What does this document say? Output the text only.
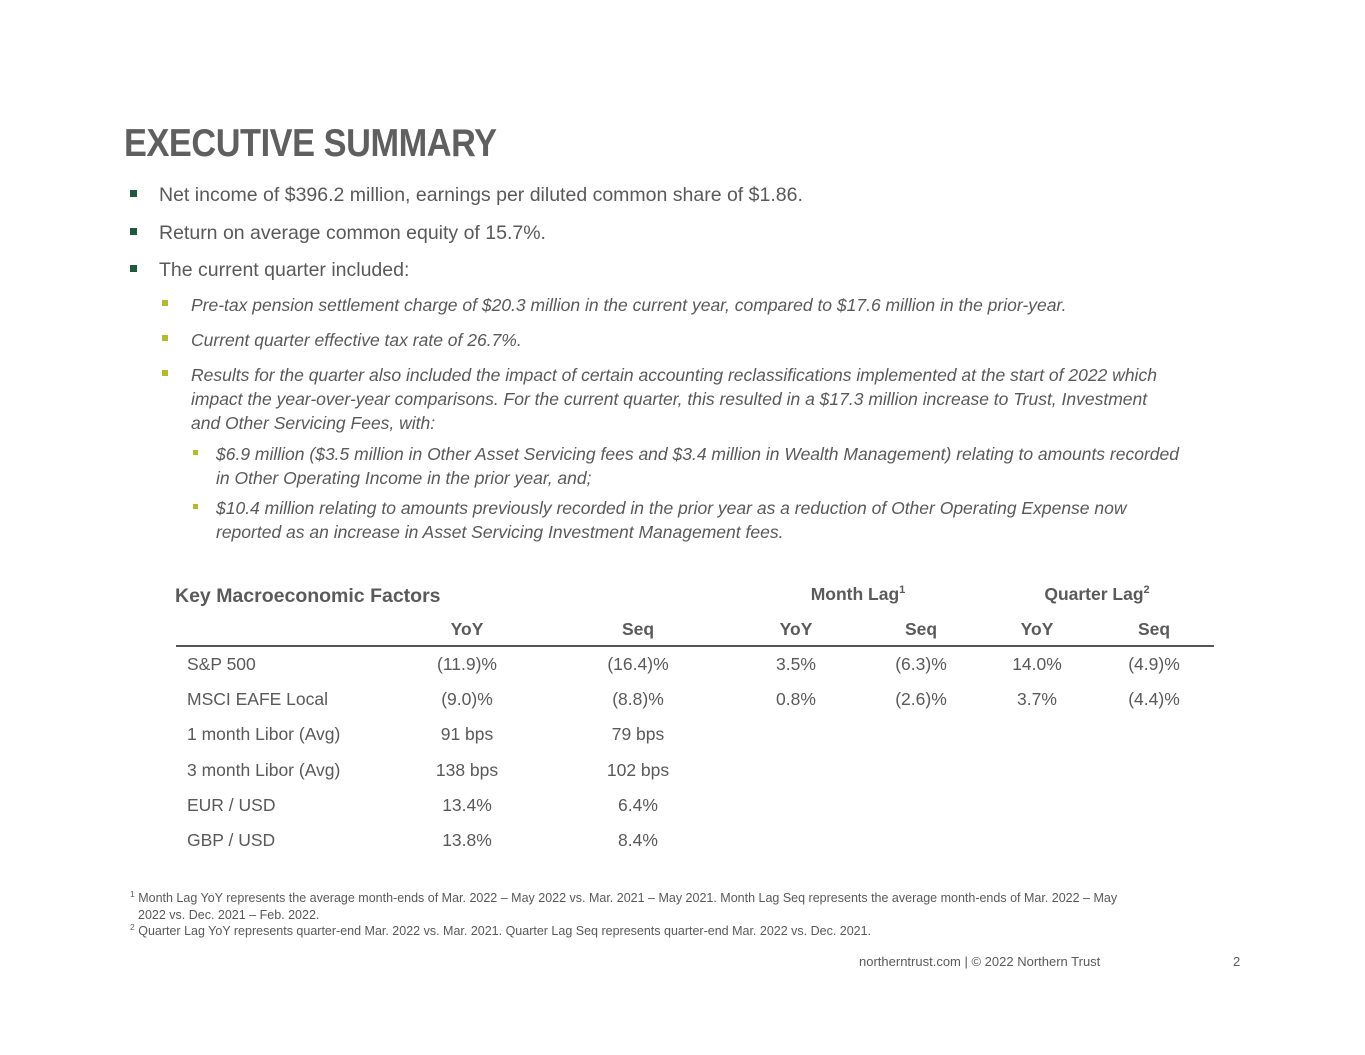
EXECUTIVE SUMMARY
Net income of $396.2 million, earnings per diluted common share of $1.86.
Return on average common equity of 15.7%.
The current quarter included:
Pre-tax pension settlement charge of $20.3 million in the current year, compared to $17.6 million in the prior-year.
Current quarter effective tax rate of 26.7%.
Results for the quarter also included the impact of certain accounting reclassifications implemented at the start of 2022 which
impact the year-over-year comparisons. For the current quarter, this resulted in a $17.3 million increase to Trust, Investment
and Other Servicing Fees, with:
$6.9 million ($3.5 million in Other Asset Servicing fees and $3.4 million in Wealth Management) relating to amounts recorded
in Other Operating Income in the prior year, and;
$10.4 million relating to amounts previously recorded in the prior year as a reduction of Other Operating Expense now
reported as an increase in Asset Servicing Investment Management fees.
Key Macroeconomic Factors	Month Lag$^1$	Quarter Lag$^2$
YoY	Seq	YoY	Seq	YoY	Seq
S&P 500	(11.9)%	(16.4)%	3.5%	(6.3)%	14.0%	(4.9)%
MSCI EAFE Local	(9.0)%	(8.8)%	0.8%	(2.6)%	3.7%	(4.4)%
1 month Libor (Avg)	91 bps	79 bps
3 month Libor (Avg)	138 bps	102 bps
EUR / USD	13.4%	6.4%
GBP / USD	13.8%	8.4%
$^1$ Month Lag YoY represents the average month-ends of Mar. 2022 – May 2022 vs. Mar. 2021 – May 2021. Month Lag Seq represents the average month-ends of Mar. 2022 – May
2022 vs. Dec. 2021 – Feb. 2022.
$^2$ Quarter Lag YoY represents quarter-end Mar. 2022 vs. Mar. 2021. Quarter Lag Seq represents quarter-end Mar. 2022 vs. Dec. 2021.
northerntrust.com | © 2022 Northern Trust	2
